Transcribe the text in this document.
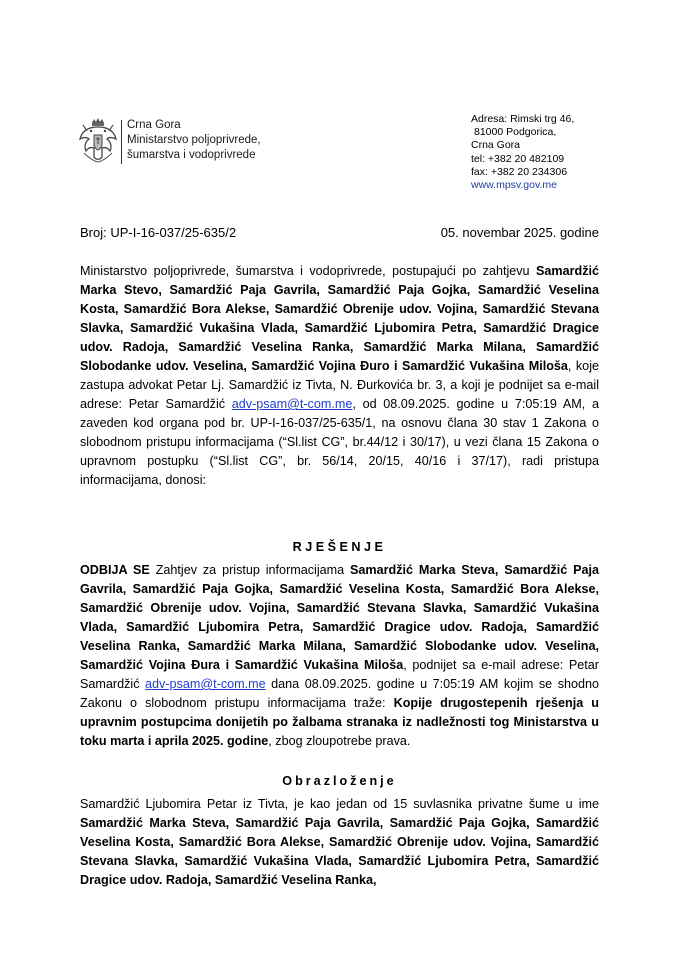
Crna Gora
Ministarstvo poljoprivrede,
šumarstva i vodoprivrede
Adresa: Rimski trg 46,
81000 Podgorica,
Crna Gora
tel: +382 20 482109
fax: +382 20 234306
www.mpsv.gov.me
Broj: UP-I-16-037/25-635/2	05. novembar 2025. godine
Ministarstvo poljoprivrede, šumarstva i vodoprivrede, postupajući po zahtjevu Samardžić Marka Stevo, Samardžić Paja Gavrila, Samardžić Paja Gojka, Samardžić Veselina Kosta, Samardžić Bora Alekse, Samardžić Obrenije udov. Vojina, Samardžić Stevana Slavka, Samardžić Vukašina Vlada, Samardžić Ljubomira Petra, Samardžić Dragice udov. Radoja, Samardžić Veselina Ranka, Samardžić Marka Milana, Samardžić Slobodanke udov. Veselina, Samardžić Vojina Đuro i Samardžić Vukašina Miloša, koje zastupa advokat Petar Lj. Samardžić iz Tivta, N. Đurkovića br. 3, a koji je podnijet sa e-mail adrese: Petar Samardžić adv-psam@t-com.me, od 08.09.2025. godine u 7:05:19 AM, a zaveden kod organa pod br. UP-I-16-037/25-635/1, na osnovu člana 30 stav 1 Zakona o slobodnom pristupu informacijama (“Sl.list CG”, br.44/12 i 30/17), u vezi člana 15 Zakona o upravnom postupku (“Sl.list CG”, br. 56/14, 20/15, 40/16 i 37/17), radi pristupa informacijama, donosi:
RJEŠENJE
ODBIJA SE Zahtjev za pristup informacijama Samardžić Marka Steva, Samardžić Paja Gavrila, Samardžić Paja Gojka, Samardžić Veselina Kosta, Samardžić Bora Alekse, Samardžić Obrenije udov. Vojina, Samardžić Stevana Slavka, Samardžić Vukašina Vlada, Samardžić Ljubomira Petra, Samardžić Dragice udov. Radoja, Samardžić Veselina Ranka, Samardžić Marka Milana, Samardžić Slobodanke udov. Veselina, Samardžić Vojina Đura i Samardžić Vukašina Miloša, podnijet sa e-mail adrese: Petar Samardžić adv-psam@t-com.me dana 08.09.2025. godine u 7:05:19 AM kojim se shodno Zakonu o slobodnom pristupu informacijama traže: Kopije drugostepenih rješenja u upravnim postupcima donijetih po žalbama stranaka iz nadležnosti tog Ministarstva u toku marta i aprila 2025. godine, zbog zloupotrebe prava.
Obrazloženje
Samardžić Ljubomira Petar iz Tivta, je kao jedan od 15 suvlasnika privatne šume u ime Samardžić Marka Steva, Samardžić Paja Gavrila, Samardžić Paja Gojka, Samardžić Veselina Kosta, Samardžić Bora Alekse, Samardžić Obrenije udov. Vojina, Samardžić Stevana Slavka, Samardžić Vukašina Vlada, Samardžić Ljubomira Petra, Samardžić Dragice udov. Radoja, Samardžić Veselina Ranka,
